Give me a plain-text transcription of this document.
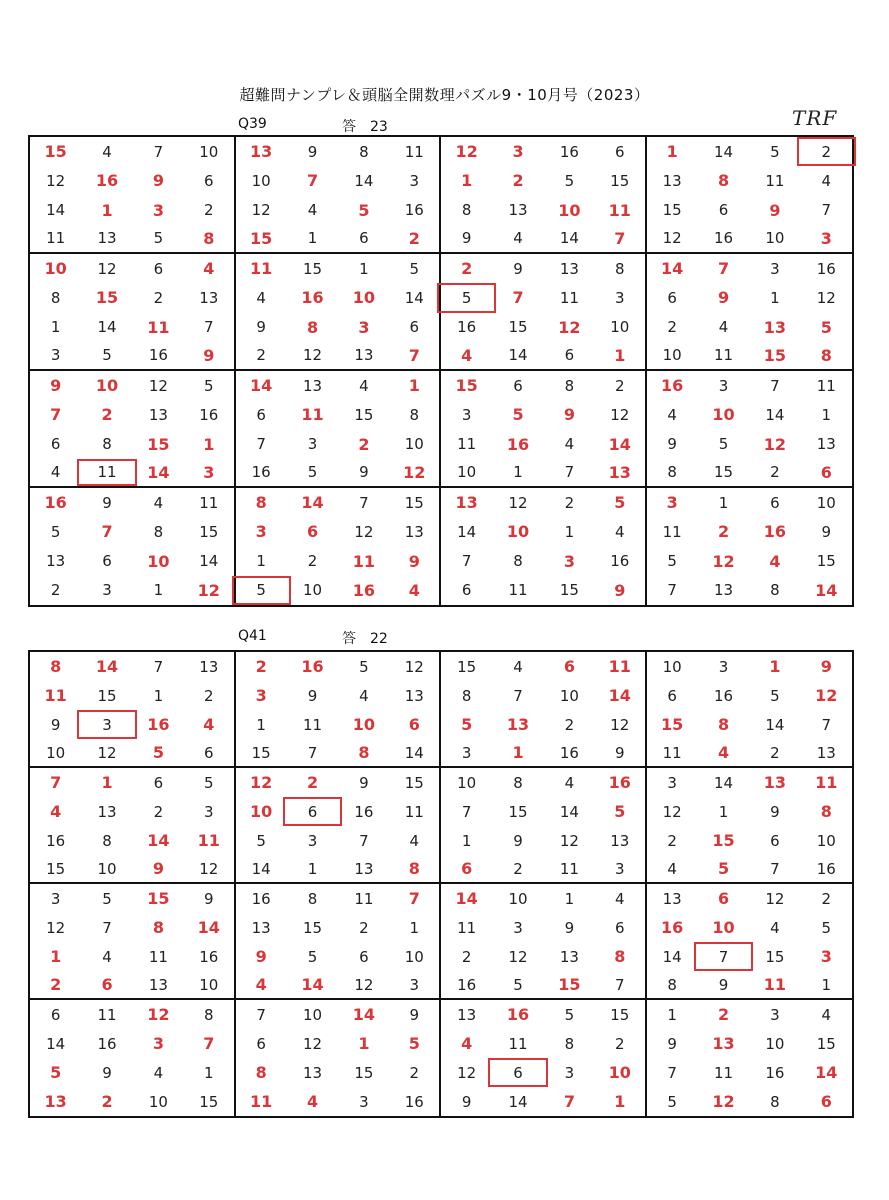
超難問ナンプレ＆頭脳全開数理パズル9・10月号（2023）
TRF
Q39	答　23
15	4	7	10	13	9	8	11	12	3	16	6	1	14	5	2
12	16	9	6	10	7	14	3	1	2	5	15	13	8	11	4
14	1	3	2	12	4	5	16	8	13	10	11	15	6	9	7
11	13	5	8	15	1	6	2	9	4	14	7	12	16	10	3
10	12	6	4	11	15	1	5	2	9	13	8	14	7	3	16
8	15	2	13	4	16	10	14	5	7	11	3	6	9	1	12
1	14	11	7	9	8	3	6	16	15	12	10	2	4	13	5
3	5	16	9	2	12	13	7	4	14	6	1	10	11	15	8
9	10	12	5	14	13	4	1	15	6	8	2	16	3	7	11
7	2	13	16	6	11	15	8	3	5	9	12	4	10	14	1
6	8	15	1	7	3	2	10	11	16	4	14	9	5	12	13
4	11	14	3	16	5	9	12	10	1	7	13	8	15	2	6
16	9	4	11	8	14	7	15	13	12	2	5	3	1	6	10
5	7	8	15	3	6	12	13	14	10	1	4	11	2	16	9
13	6	10	14	1	2	11	9	7	8	3	16	5	12	4	15
2	3	1	12	5	10	16	4	6	11	15	9	7	13	8	14
Q41	答　22
8	14	7	13	2	16	5	12	15	4	6	11	10	3	1	9
11	15	1	2	3	9	4	13	8	7	10	14	6	16	5	12
9	3	16	4	1	11	10	6	5	13	2	12	15	8	14	7
10	12	5	6	15	7	8	14	3	1	16	9	11	4	2	13
7	1	6	5	12	2	9	15	10	8	4	16	3	14	13	11
4	13	2	3	10	6	16	11	7	15	14	5	12	1	9	8
16	8	14	11	5	3	7	4	1	9	12	13	2	15	6	10
15	10	9	12	14	1	13	8	6	2	11	3	4	5	7	16
3	5	15	9	16	8	11	7	14	10	1	4	13	6	12	2
12	7	8	14	13	15	2	1	11	3	9	6	16	10	4	5
1	4	11	16	9	5	6	10	2	12	13	8	14	7	15	3
2	6	13	10	4	14	12	3	16	5	15	7	8	9	11	1
6	11	12	8	7	10	14	9	13	16	5	15	1	2	3	4
14	16	3	7	6	12	1	5	4	11	8	2	9	13	10	15
5	9	4	1	8	13	15	2	12	6	3	10	7	11	16	14
13	2	10	15	11	4	3	16	9	14	7	1	5	12	8	6
